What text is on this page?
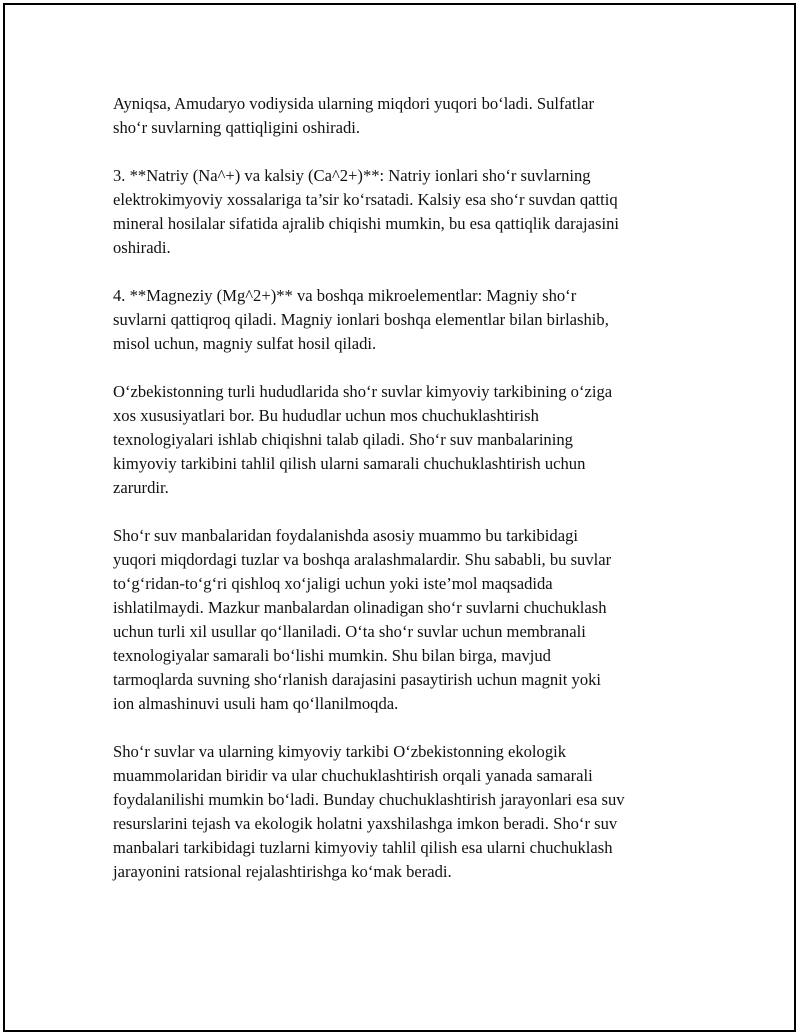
Ayniqsa, Amudaryo vodiysida ularning miqdori yuqori bo‘ladi. Sulfatlar
sho‘r suvlarning qattiqligini oshiradi.

3. **Natriy (Na^+) va kalsiy (Ca^2+)**: Natriy ionlari sho‘r suvlarning
elektrokimyoviy xossalariga ta’sir ko‘rsatadi. Kalsiy esa sho‘r suvdan qattiq
mineral hosilalar sifatida ajralib chiqishi mumkin, bu esa qattiqlik darajasini
oshiradi.

4. **Magneziy (Mg^2+)** va boshqa mikroelementlar: Magniy sho‘r
suvlarni qattiqroq qiladi. Magniy ionlari boshqa elementlar bilan birlashib,
misol uchun, magniy sulfat hosil qiladi.

O‘zbekistonning turli hududlarida sho‘r suvlar kimyoviy tarkibining o‘ziga
xos xususiyatlari bor. Bu hududlar uchun mos chuchuklashtirish
texnologiyalari ishlab chiqishni talab qiladi. Sho‘r suv manbalarining
kimyoviy tarkibini tahlil qilish ularni samarali chuchuklashtirish uchun
zarurdir.

Sho‘r suv manbalaridan foydalanishda asosiy muammo bu tarkibidagi
yuqori miqdordagi tuzlar va boshqa aralashmalardir. Shu sababli, bu suvlar
to‘g‘ridan-to‘g‘ri qishloq xo‘jaligi uchun yoki iste’mol maqsadida
ishlatilmaydi. Mazkur manbalardan olinadigan sho‘r suvlarni chuchuklash
uchun turli xil usullar qo‘llaniladi. O‘ta sho‘r suvlar uchun membranali
texnologiyalar samarali bo‘lishi mumkin. Shu bilan birga, mavjud
tarmoqlarda suvning sho‘rlanish darajasini pasaytirish uchun magnit yoki
ion almashinuvi usuli ham qo‘llanilmoqda.

Sho‘r suvlar va ularning kimyoviy tarkibi O‘zbekistonning ekologik
muammolaridan biridir va ular chuchuklashtirish orqali yanada samarali
foydalanilishi mumkin bo‘ladi. Bunday chuchuklashtirish jarayonlari esa suv
resurslarini tejash va ekologik holatni yaxshilashga imkon beradi. Sho‘r suv
manbalari tarkibidagi tuzlarni kimyoviy tahlil qilish esa ularni chuchuklash
jarayonini ratsional rejalashtirishga ko‘mak beradi.
